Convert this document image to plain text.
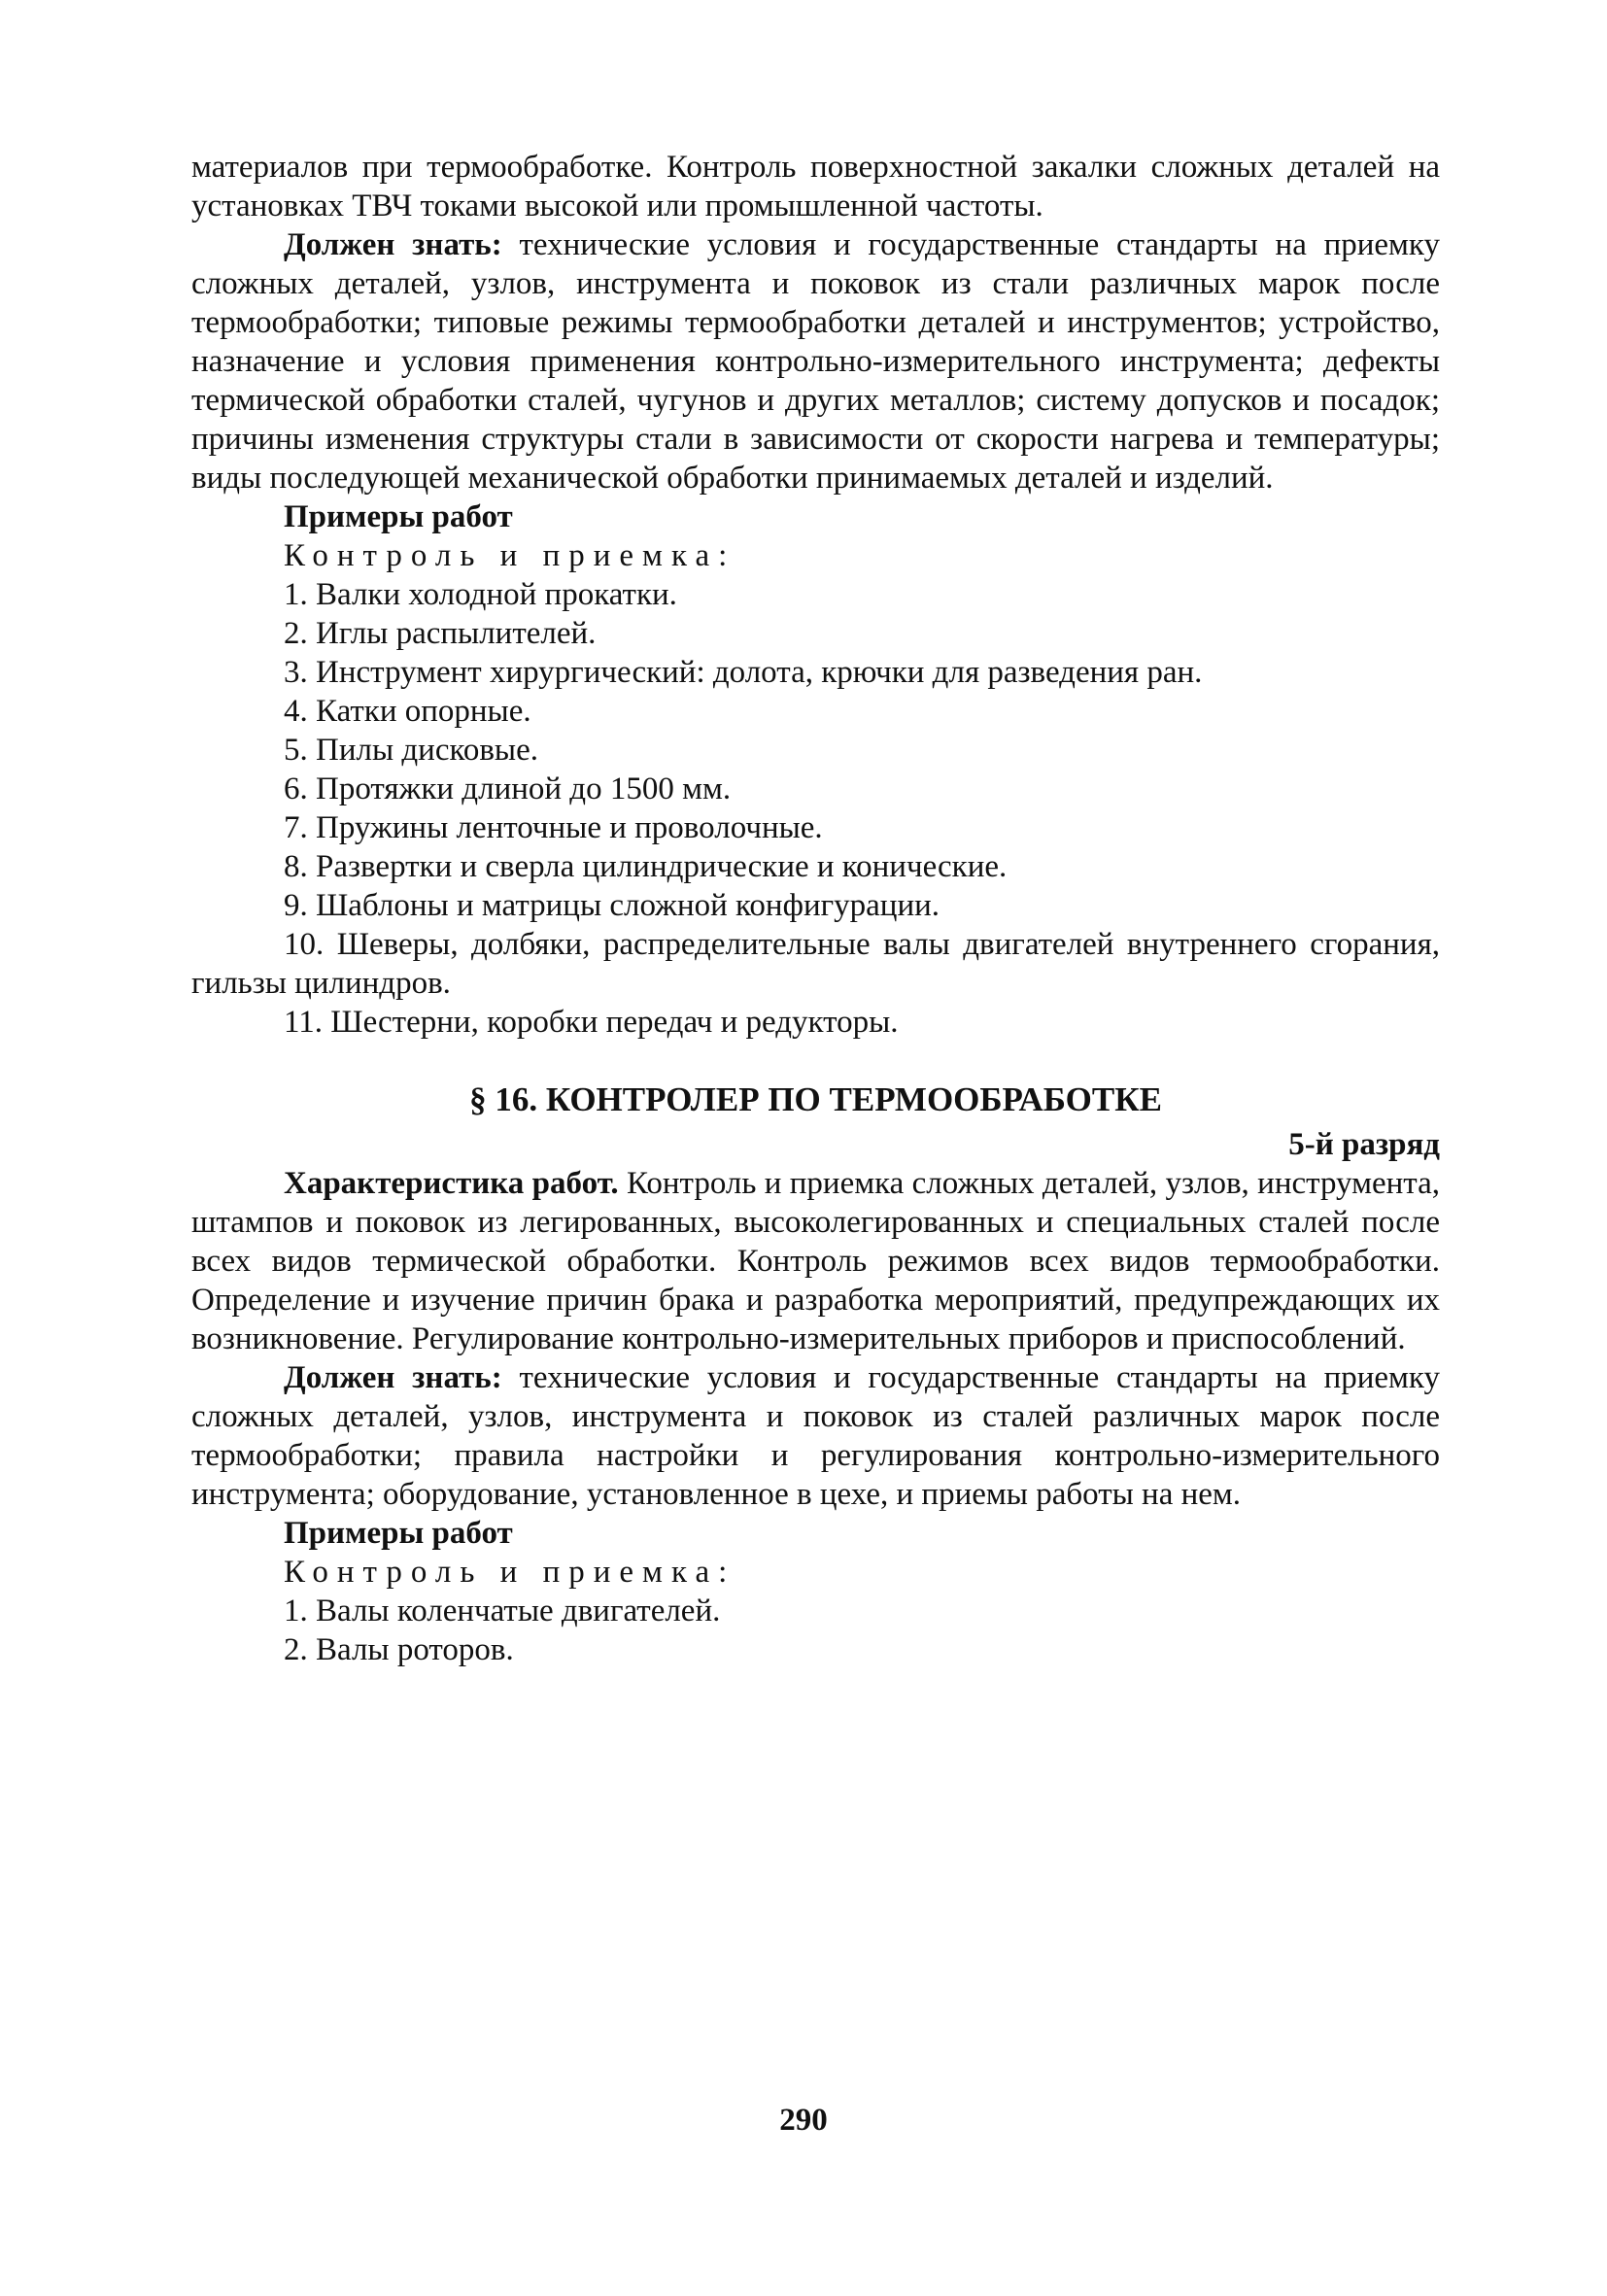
материалов при термообработке. Контроль поверхностной закалки сложных деталей на установках ТВЧ токами высокой или промышленной частоты.

Должен знать: технические условия и государственные стандарты на приемку сложных деталей, узлов, инструмента и поковок из стали различных марок после термообработки; типовые режимы термообработки деталей и инструментов; устройство, назначение и условия применения контрольно-измерительного инструмента; дефекты термической обработки сталей, чугунов и других металлов; систему допусков и посадок; причины изменения структуры стали в зависимости от скорости нагрева и температуры; виды последующей механической обработки принимаемых деталей и изделий.

Примеры работ

Контроль и приемка:

1. Валки холодной прокатки.

2. Иглы распылителей.

3. Инструмент хирургический: долота, крючки для разведения ран.

4. Катки опорные.

5. Пилы дисковые.

6. Протяжки длиной до 1500 мм.

7. Пружины ленточные и проволочные.

8. Развертки и сверла цилиндрические и конические.

9. Шаблоны и матрицы сложной конфигурации.

10. Шеверы, долбяки, распределительные валы двигателей внутреннего сгорания, гильзы цилиндров.

11. Шестерни, коробки передач и редукторы.

§ 16. КОНТРОЛЕР ПО ТЕРМООБРАБОТКЕ

5-й разряд

Характеристика работ. Контроль и приемка сложных деталей, узлов, инструмента, штампов и поковок из легированных, высоколегированных и специальных сталей после всех видов термической обработки. Контроль режимов всех видов термообработки. Определение и изучение причин брака и разработка мероприятий, предупреждающих их возникновение. Регулирование контрольно-измерительных приборов и приспособлений.

Должен знать: технические условия и государственные стандарты на приемку сложных деталей, узлов, инструмента и поковок из сталей различных марок после термообработки; правила настройки и регулирования контрольно-измерительного инструмента; оборудование, установленное в цехе, и приемы работы на нем.

Примеры работ

Контроль и приемка:

1. Валы коленчатые двигателей.

2. Валы роторов.

290
